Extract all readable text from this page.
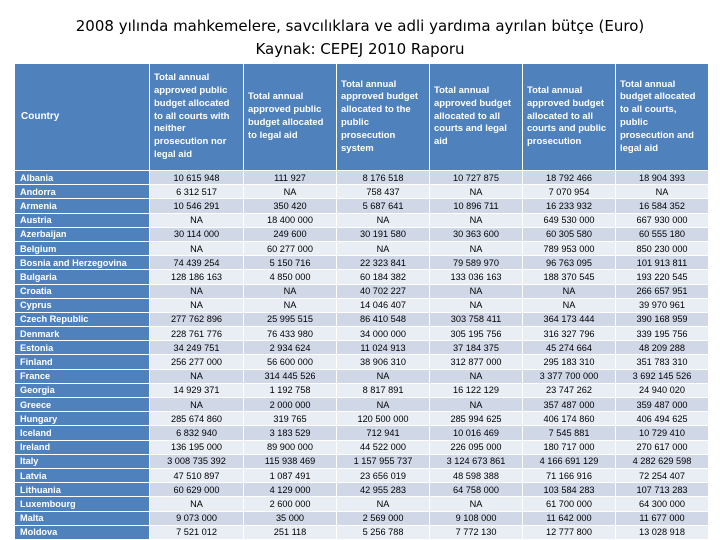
2008 yılında mahkemelere, savcılıklara ve adli yardıma ayrılan bütçe (Euro)
Kaynak: CEPEJ 2010 Raporu
Country	Total annual approved public budget allocated to all courts with neither prosecution nor legal aid	Total annual approved public budget allocated to legal aid	Total annual approved budget allocated to the public prosecution system	Total annual approved budget allocated to all courts and legal aid	Total annual approved budget allocated to all courts and public prosecution	Total annual budget allocated to all courts, public prosecution and legal aid
Albania	10 615 948	111 927	8 176 518	10 727 875	18 792 466	18 904 393
Andorra	6 312 517	NA	758 437	NA	7 070 954	NA
Armenia	10 546 291	350 420	5 687 641	10 896 711	16 233 932	16 584 352
Austria	NA	18 400 000	NA	NA	649 530 000	667 930 000
Azerbaijan	30 114 000	249 600	30 191 580	30 363 600	60 305 580	60 555 180
Belgium	NA	60 277 000	NA	NA	789 953 000	850 230 000
Bosnia and Herzegovina	74 439 254	5 150 716	22 323 841	79 589 970	96 763 095	101 913 811
Bulgaria	128 186 163	4 850 000	60 184 382	133 036 163	188 370 545	193 220 545
Croatia	NA	NA	40 702 227	NA	NA	266 657 951
Cyprus	NA	NA	14 046 407	NA	NA	39 970 961
Czech Republic	277 762 896	25 995 515	86 410 548	303 758 411	364 173 444	390 168 959
Denmark	228 761 776	76 433 980	34 000 000	305 195 756	316 327 796	339 195 756
Estonia	34 249 751	2 934 624	11 024 913	37 184 375	45 274 664	48 209 288
Finland	256 277 000	56 600 000	38 906 310	312 877 000	295 183 310	351 783 310
France	NA	314 445 526	NA	NA	3 377 700 000	3 692 145 526
Georgia	14 929 371	1 192 758	8 817 891	16 122 129	23 747 262	24 940 020
Greece	NA	2 000 000	NA	NA	357 487 000	359 487 000
Hungary	285 674 860	319 765	120 500 000	285 994 625	406 174 860	406 494 625
Iceland	6 832 940	3 183 529	712 941	10 016 469	7 545 881	10 729 410
Ireland	136 195 000	89 900 000	44 522 000	226 095 000	180 717 000	270 617 000
Italy	3 008 735 392	115 938 469	1 157 955 737	3 124 673 861	4 166 691 129	4 282 629 598
Latvia	47 510 897	1 087 491	23 656 019	48 598 388	71 166 916	72 254 407
Lithuania	60 629 000	4 129 000	42 955 283	64 758 000	103 584 283	107 713 283
Luxembourg	NA	2 600 000	NA	NA	61 700 000	64 300 000
Malta	9 073 000	35 000	2 569 000	9 108 000	11 642 000	11 677 000
Moldova	7 521 012	251 118	5 256 788	7 772 130	12 777 800	13 028 918
